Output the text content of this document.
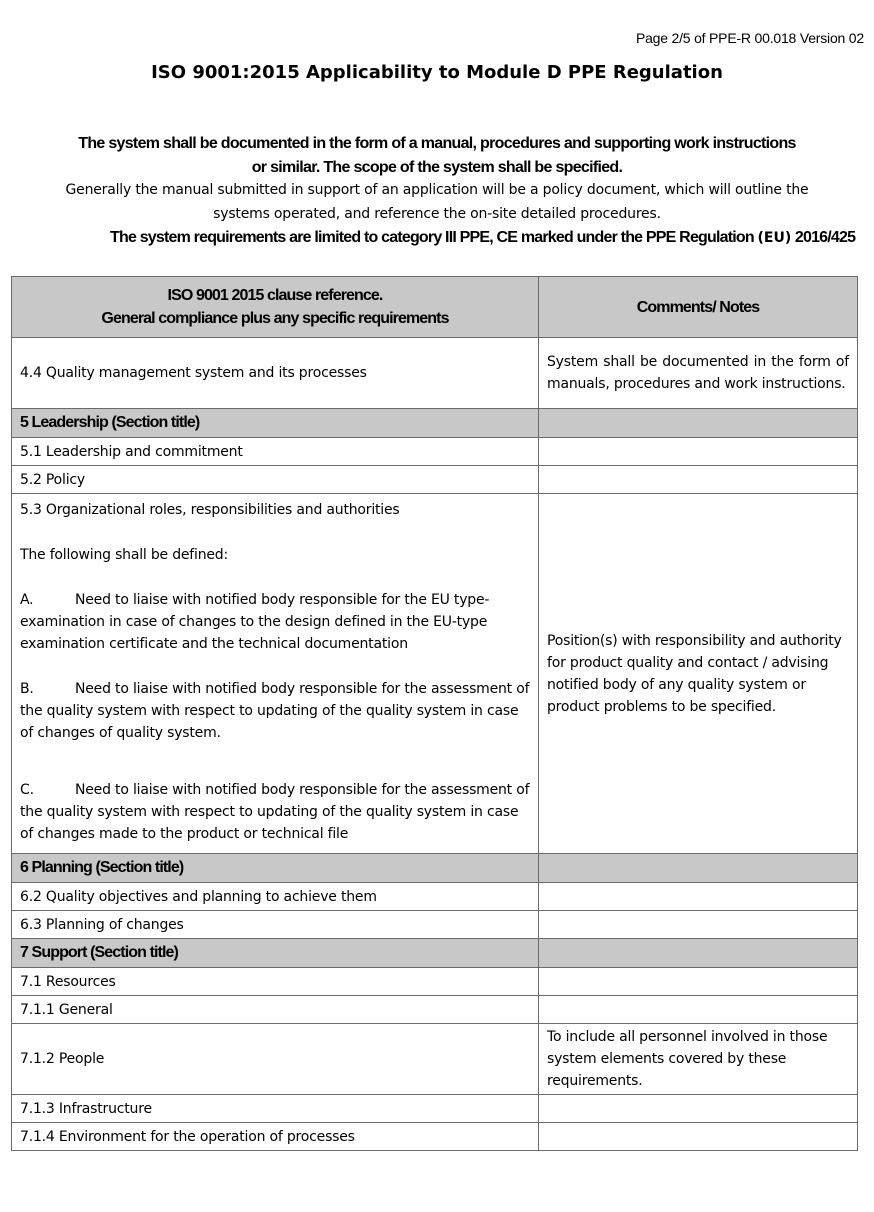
Page 2/5 of PPE-R 00.018 Version 02
ISO 9001:2015 Applicability to Module D PPE Regulation
The system shall be documented in the form of a manual, procedures and supporting work instructions
or similar. The scope of the system shall be specified.
Generally the manual submitted in support of an application will be a policy document, which will outline the
systems operated, and reference the on-site detailed procedures.
The system requirements are limited to category III PPE, CE marked under the PPE Regulation (EU) 2016/425
ISO 9001 2015 clause reference.
General compliance plus any specific requirements	Comments/ Notes
4.4 Quality management system and its processes	System shall be documented in the form of manuals, procedures and work instructions.
5 Leadership (Section title)	
5.1 Leadership and commitment	
5.2 Policy	

5.3 Organizational roles, responsibilities and authorities
The following shall be defined:
A. Need to liaise with notified body responsible for the EU type-examination in case of changes to the design defined in the EU-type examination certificate and the technical documentation
B. Need to liaise with notified body responsible for the assessment of the quality system with respect to updating of the quality system in case of changes of quality system.
C. Need to liaise with notified body responsible for the assessment of the quality system with respect to updating of the quality system in case of changes made to the product or technical file	Position(s) with responsibility and authority for product quality and contact / advising notified body of any quality system or product problems to be specified.
6 Planning (Section title)	
6.2 Quality objectives and planning to achieve them	
6.3 Planning of changes	
7 Support (Section title)	
7.1 Resources	
7.1.1 General	
7.1.2 People	To include all personnel involved in those system elements covered by these requirements.
7.1.3 Infrastructure	
7.1.4 Environment for the operation of processes	
